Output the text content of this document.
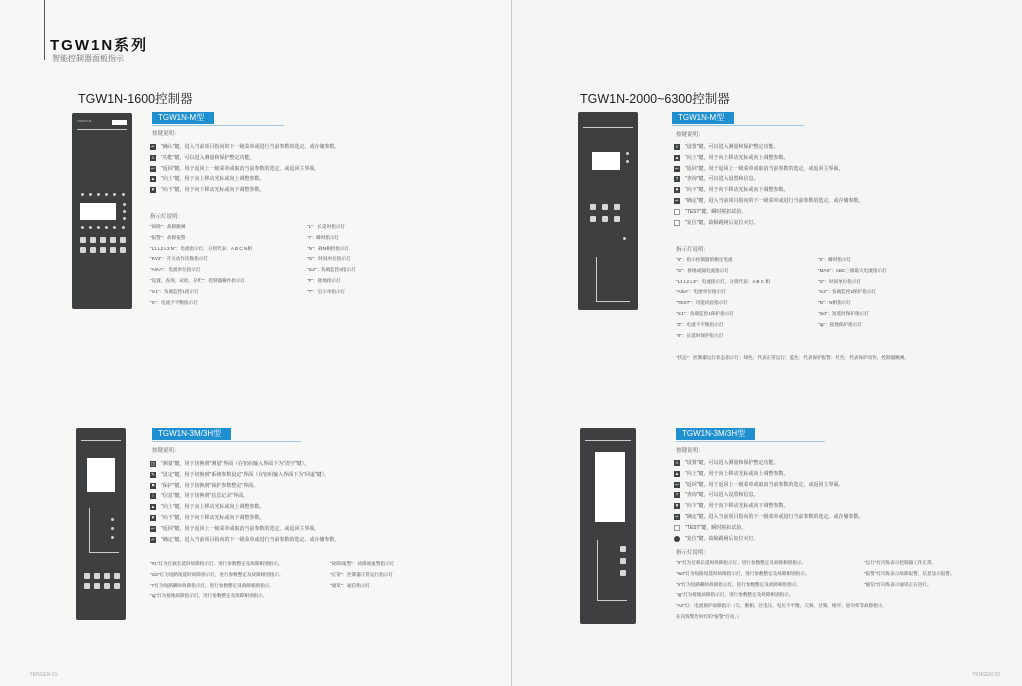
TGW1N系列
智能控制器面板指示
TGW1N-1600控制器
TGW1N-M	TGW1N-M型
按键说明：
↵ "确认"键，进入当前项目指向的下一级菜单或进行当前参数的选定、或存储参数。
≡	"功能"键，可以进入测量和保护整定功能。
↩ "返回"键，用于返回上一级菜单或取消当前参数的选定、或返回主界面。
▲ "向上"键，用于向上移动光标或向上调整参数。
▼ "向下"键，用于向下移动光标或向下调整参数。
指示灯说明：
"故障"：故障跳闸
"报警"：故障报警
"L1 L2 L3 N"：电流指示灯，分别代表：A B C N相
"KV2"：开关动作次数指示灯
"A/KA"：电流单位指示灯
"设置、查询、试验、存贮"：控制器操作指示灯
"Ic1"：负载监控1指示灯
"S"：电流不平衡指示灯
"L"：长延时指示灯
"I"：瞬时指示灯
"N"：载N相控指示灯
"G"：时间单位指示灯
"Ic2"：负载监控2指示灯
"F"：接地指示灯
"T"：启示单指示灯
TGW1N-3M/3H型
按键说明：
◫ "测量"键，用于切换到"测量"界面（在密码输入界面下为"清空"键）。
✎ "设定"键，用于切换到"系统参数设定"界面（在密码输入界面下为"回退"键）。
⚑ "保护"键，用于切换到"保护参数整定"界面。
i	"信息"键，用于切换到"信息记录"界面。
▲ "向上"键，用于向上移动光标或向上调整参数。
▼ "向下"键，用于向下移动光标或向下调整参数。
↩ "返回"键，用于返回上一级菜单或取消当前参数的选定、或返回主界面。
↵ "确定"键，进入当前项目指向的下一级菜单或进行当前参数的选定、或存储参数。
"#1"灯为过载长延时故障指示灯，进行参数整定及故障相别指示。
"s/Z"灯为短路短延时故障指示灯，进行参数整定及故障相别指示。
"I"灯为短路瞬时故障指示灯，进行参数整定及故障相别指示。
"Ig"灯为接地故障指示灯，进行参数整定及故障相别指示。
"故障/报警"：故障或报警指示灯
"正常"：控制器正常运行指示灯
"通讯"：通信指示灯
-TENGEN 01-
TGW1N-2000~6300控制器
TGW1N-M型
按键说明：
≡	"设置"键，可以进入测量和保护整定功能。
▲ "向上"键，用于向上移动光标或向上调整参数。
↩ "返回"键，用于返回上一级菜单或取消当前参数的选定、或返回主界面。
?	"查询"键，可以进入设置和信息。
▼ "向下"键，用于向下移动光标或向下调整参数。
↵ "确定"键，进入当前项目指向的下一级菜单或进行当前参数的选定、或存储参数。
"TEST"键，瞬时脱扣试验。
"复位"键，故障跳闸后复位灭灯。
指示灯说明：
"Ir"：指示控制器的额定电流
"G"：接地或漏电流指示灯
"L1 L2 L3"：电流指示灯，分别代表：A B C 相
"A/kA"：电流单位指示灯
"TEST"：功能试验指示灯
"Ic1"：负载监控1保护指示灯
"Z"：电流不平衡指示灯
"Ir"：长延时保护指示灯
"Ii"：瞬时指示灯
"MAX"：ABC三相最大电流指示灯
"S"：时间单位指示灯
"Ic2"：负载监控2保护指示灯
"N"：N相指示灯
"Isd"：短延时保护指示灯
"Ig"：接地保护指示灯

"状态"：控制器运行状态指示灯；绿色：代表正常运行；蓝色：代表保护报警；红色：代表保护动作、控制器跳闸。

TGW1N-3M/3H型
按键说明：
≡	"设置"键，可以进入测量和保护整定功能。
▲ "向上"键，用于向上移动光标或向上调整参数。
↩ "返回"键，用于返回上一级菜单或取消当前参数的选定，或返回主界面。
?	"查询"键，可以进入设置和信息。
▼ "向下"键，用于向下移动光标或向下调整参数。
↵ "确定"键，进入当前项目指向的下一级菜单或进行当前参数的选定、或存储参数。
"TEST"键，瞬时脱扣试验。
"复位"键，故障跳闸后复位灭灯。
指示灯说明：
"Ir"灯为过载长延时故障指示灯，进行参数整定及故障相别指示。
"Isd"灯为短路短延时故障指示灯，进行参数整定及故障相别指示。
"Ii"灯为短路瞬时故障指示灯，进行参数整定及故障相别指示。
"Ig"灯为接地故障指示灯，进行参数整定及故障相别指示。
"A/I"灯：电流保护故障指示（欠、断相、过电压、电压不平衡、欠频、过频、相序、逆功率等故障指示，
在闪烁警告时灯的"报警"灯亮。）
"运行"灯闪烁表示控制器工作正常。
"报警"灯闪烁表示故障报警，信息显示报警。
"通信"灯闪烁表示通讯正在进行。
TENGEN 02
